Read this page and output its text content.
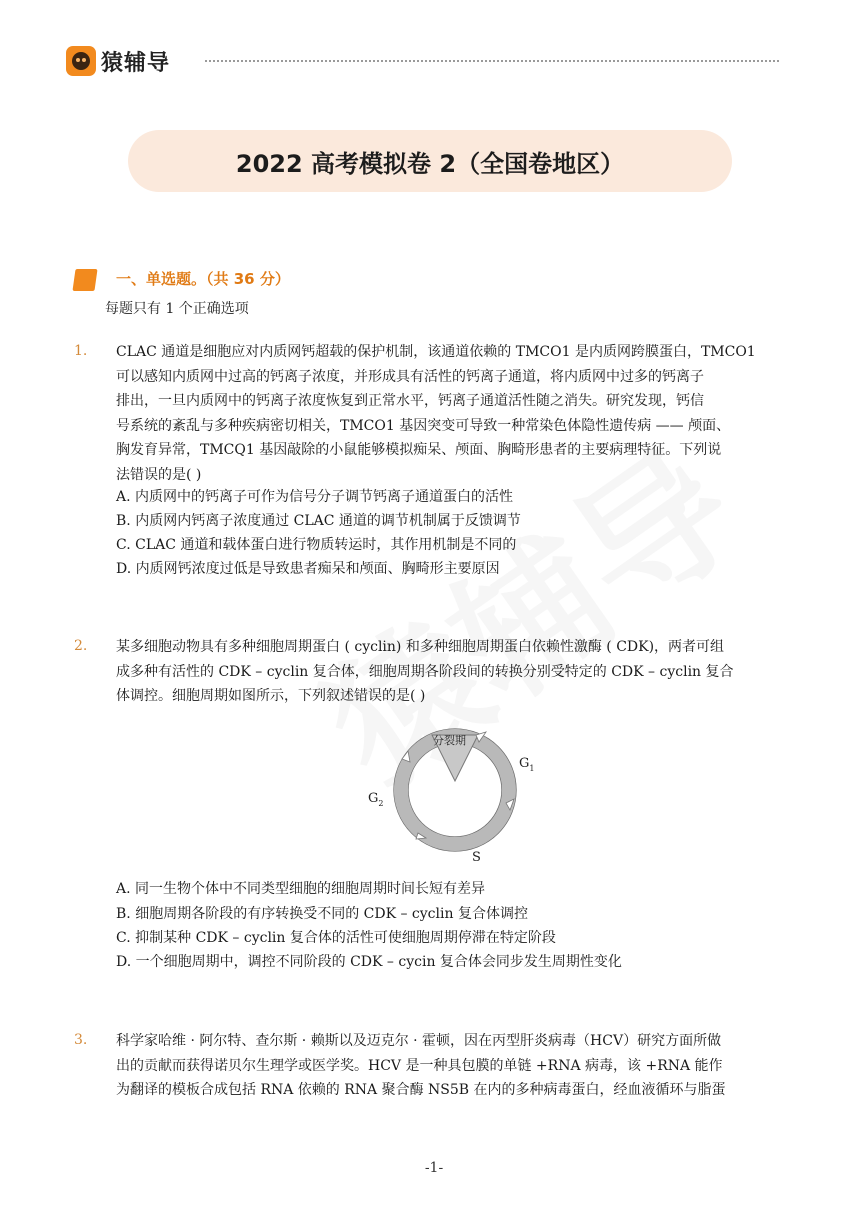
猿辅导
2022 高考模拟卷 2（全国卷地区）
一、单选题。（共 36 分）
每题只有 1 个正确选项
1. CLAC 通道是细胞应对内质网钙超载的保护机制，该通道依赖的 TMCO1 是内质网跨膜蛋白，TMCO1
可以感知内质网中过高的钙离子浓度，并形成具有活性的钙离子通道，将内质网中过多的钙离子
排出，一旦内质网中的钙离子浓度恢复到正常水平，钙离子通道活性随之消失。研究发现，钙信
号系统的紊乱与多种疾病密切相关，TMCO1 基因突变可导致一种常染色体隐性遗传病 —— 颅面、
胸发育异常，TMCQ1 基因敲除的小鼠能够模拟痴呆、颅面、胸畸形患者的主要病理特征。下列说
法错误的是( )
A. 内质网中的钙离子可作为信号分子调节钙离子通道蛋白的活性
B. 内质网内钙离子浓度通过 CLAC 通道的调节机制属于反馈调节
C. CLAC 通道和载体蛋白进行物质转运时，其作用机制是不同的
D. 内质网钙浓度过低是导致患者痴呆和颅面、胸畸形主要原因
2. 某多细胞动物具有多种细胞周期蛋白 ( cyclin) 和多种细胞周期蛋白依赖性激酶 ( CDK)，两者可组
成多种有活性的 CDK – cyclin 复合体，细胞周期各阶段间的转换分别受特定的 CDK – cyclin 复合
体调控。细胞周期如图所示，下列叙述错误的是( )
分裂期
$G_1$
$G_2$
S
A. 同一生物个体中不同类型细胞的细胞周期时间长短有差异
B. 细胞周期各阶段的有序转换受不同的 CDK – cyclin 复合体调控
C. 抑制某种 CDK – cyclin 复合体的活性可使细胞周期停滞在特定阶段
D. 一个细胞周期中，调控不同阶段的 CDK – cycin 复合体会同步发生周期性变化
3. 科学家哈维 · 阿尔特、查尔斯 · 赖斯以及迈克尔 · 霍顿，因在丙型肝炎病毒（HCV）研究方面所做
出的贡献而获得诺贝尔生理学或医学奖。HCV 是一种具包膜的单链 +RNA 病毒，该 +RNA 能作
为翻译的模板合成包括 RNA 依赖的 RNA 聚合酶 NS5B 在内的多种病毒蛋白，经血液循环与脂蛋
-1-
